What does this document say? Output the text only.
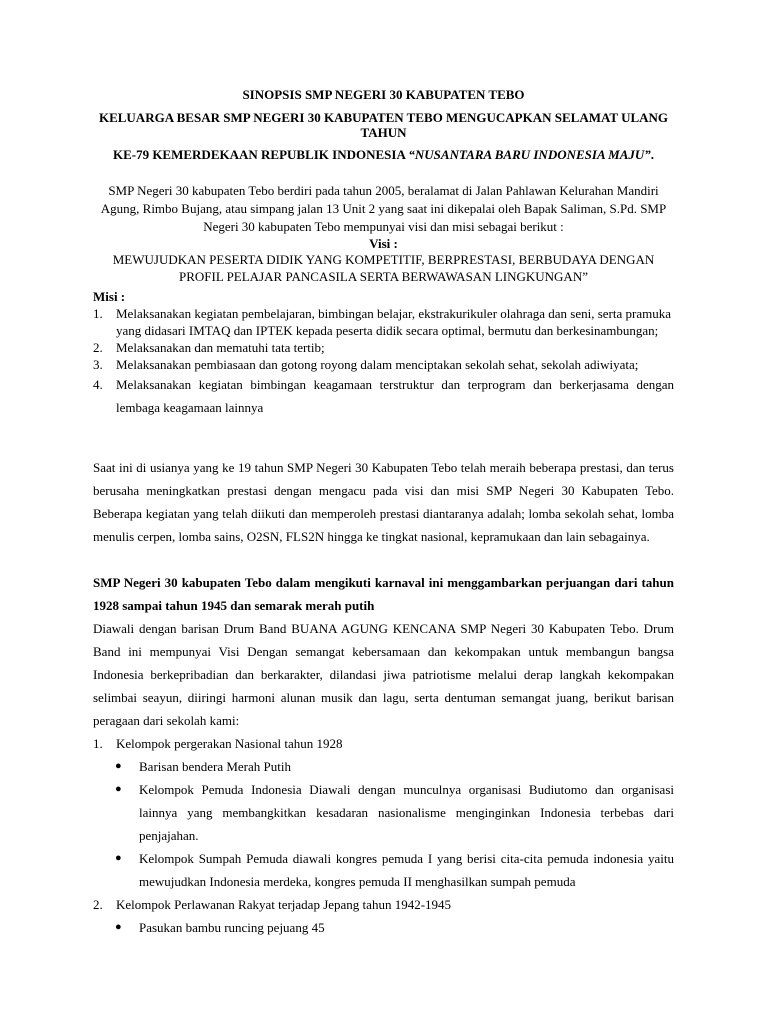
SINOPSIS SMP NEGERI 30 KABUPATEN TEBO
KELUARGA BESAR SMP NEGERI 30 KABUPATEN TEBO MENGUCAPKAN SELAMAT ULANG TAHUN
KE-79 KEMERDEKAAN REPUBLIK INDONESIA “NUSANTARA BARU INDONESIA MAJU”.
SMP Negeri 30 kabupaten Tebo berdiri pada tahun 2005, beralamat di Jalan Pahlawan Kelurahan Mandiri Agung, Rimbo Bujang, atau simpang jalan 13 Unit 2 yang saat ini dikepalai oleh Bapak Saliman, S.Pd. SMP Negeri 30 kabupaten Tebo mempunyai visi dan misi sebagai berikut :
Visi :
MEWUJUDKAN PESERTA DIDIK YANG KOMPETITIF, BERPRESTASI, BERBUDAYA DENGAN PROFIL PELAJAR PANCASILA SERTA BERWAWASAN LINGKUNGAN”
Misi :
1. Melaksanakan kegiatan pembelajaran, bimbingan belajar, ekstrakurikuler olahraga dan seni, serta pramuka yang didasari IMTAQ dan IPTEK kepada peserta didik secara optimal, bermutu dan berkesinambungan;
2. Melaksanakan dan mematuhi tata tertib;
3. Melaksanakan pembiasaan dan gotong royong dalam menciptakan sekolah sehat, sekolah adiwiyata;
4. Melaksanakan kegiatan bimbingan keagamaan terstruktur dan terprogram dan berkerjasama dengan lembaga keagamaan lainnya
Saat ini di usianya yang ke 19 tahun SMP Negeri 30 Kabupaten Tebo telah meraih beberapa prestasi, dan terus berusaha meningkatkan prestasi dengan mengacu pada visi dan misi SMP Negeri 30 Kabupaten Tebo. Beberapa kegiatan yang telah diikuti dan memperoleh prestasi diantaranya adalah; lomba sekolah sehat, lomba menulis cerpen, lomba sains, O2SN, FLS2N hingga ke tingkat nasional, kepramukaan dan lain sebagainya.
SMP Negeri 30 kabupaten Tebo dalam mengikuti karnaval ini menggambarkan perjuangan dari tahun 1928 sampai tahun 1945 dan semarak merah putih
Diawali dengan barisan Drum Band BUANA AGUNG KENCANA SMP Negeri 30 Kabupaten Tebo. Drum Band ini mempunyai Visi Dengan semangat kebersamaan dan kekompakan untuk membangun bangsa Indonesia berkepribadian dan berkarakter, dilandasi jiwa patriotisme melalui derap langkah kekompakan selimbai seayun, diiringi harmoni alunan musik dan lagu, serta dentuman semangat juang, berikut barisan peragaan dari sekolah kami:
1. Kelompok pergerakan Nasional tahun 1928
● Barisan bendera Merah Putih
● Kelompok Pemuda Indonesia Diawali dengan munculnya organisasi Budiutomo dan organisasi lainnya yang membangkitkan kesadaran nasionalisme menginginkan Indonesia terbebas dari penjajahan.
● Kelompok Sumpah Pemuda diawali kongres pemuda I yang berisi cita-cita pemuda indonesia yaitu mewujudkan Indonesia merdeka, kongres pemuda II menghasilkan sumpah pemuda
2. Kelompok Perlawanan Rakyat terjadap Jepang tahun 1942-1945
● Pasukan bambu runcing pejuang 45
